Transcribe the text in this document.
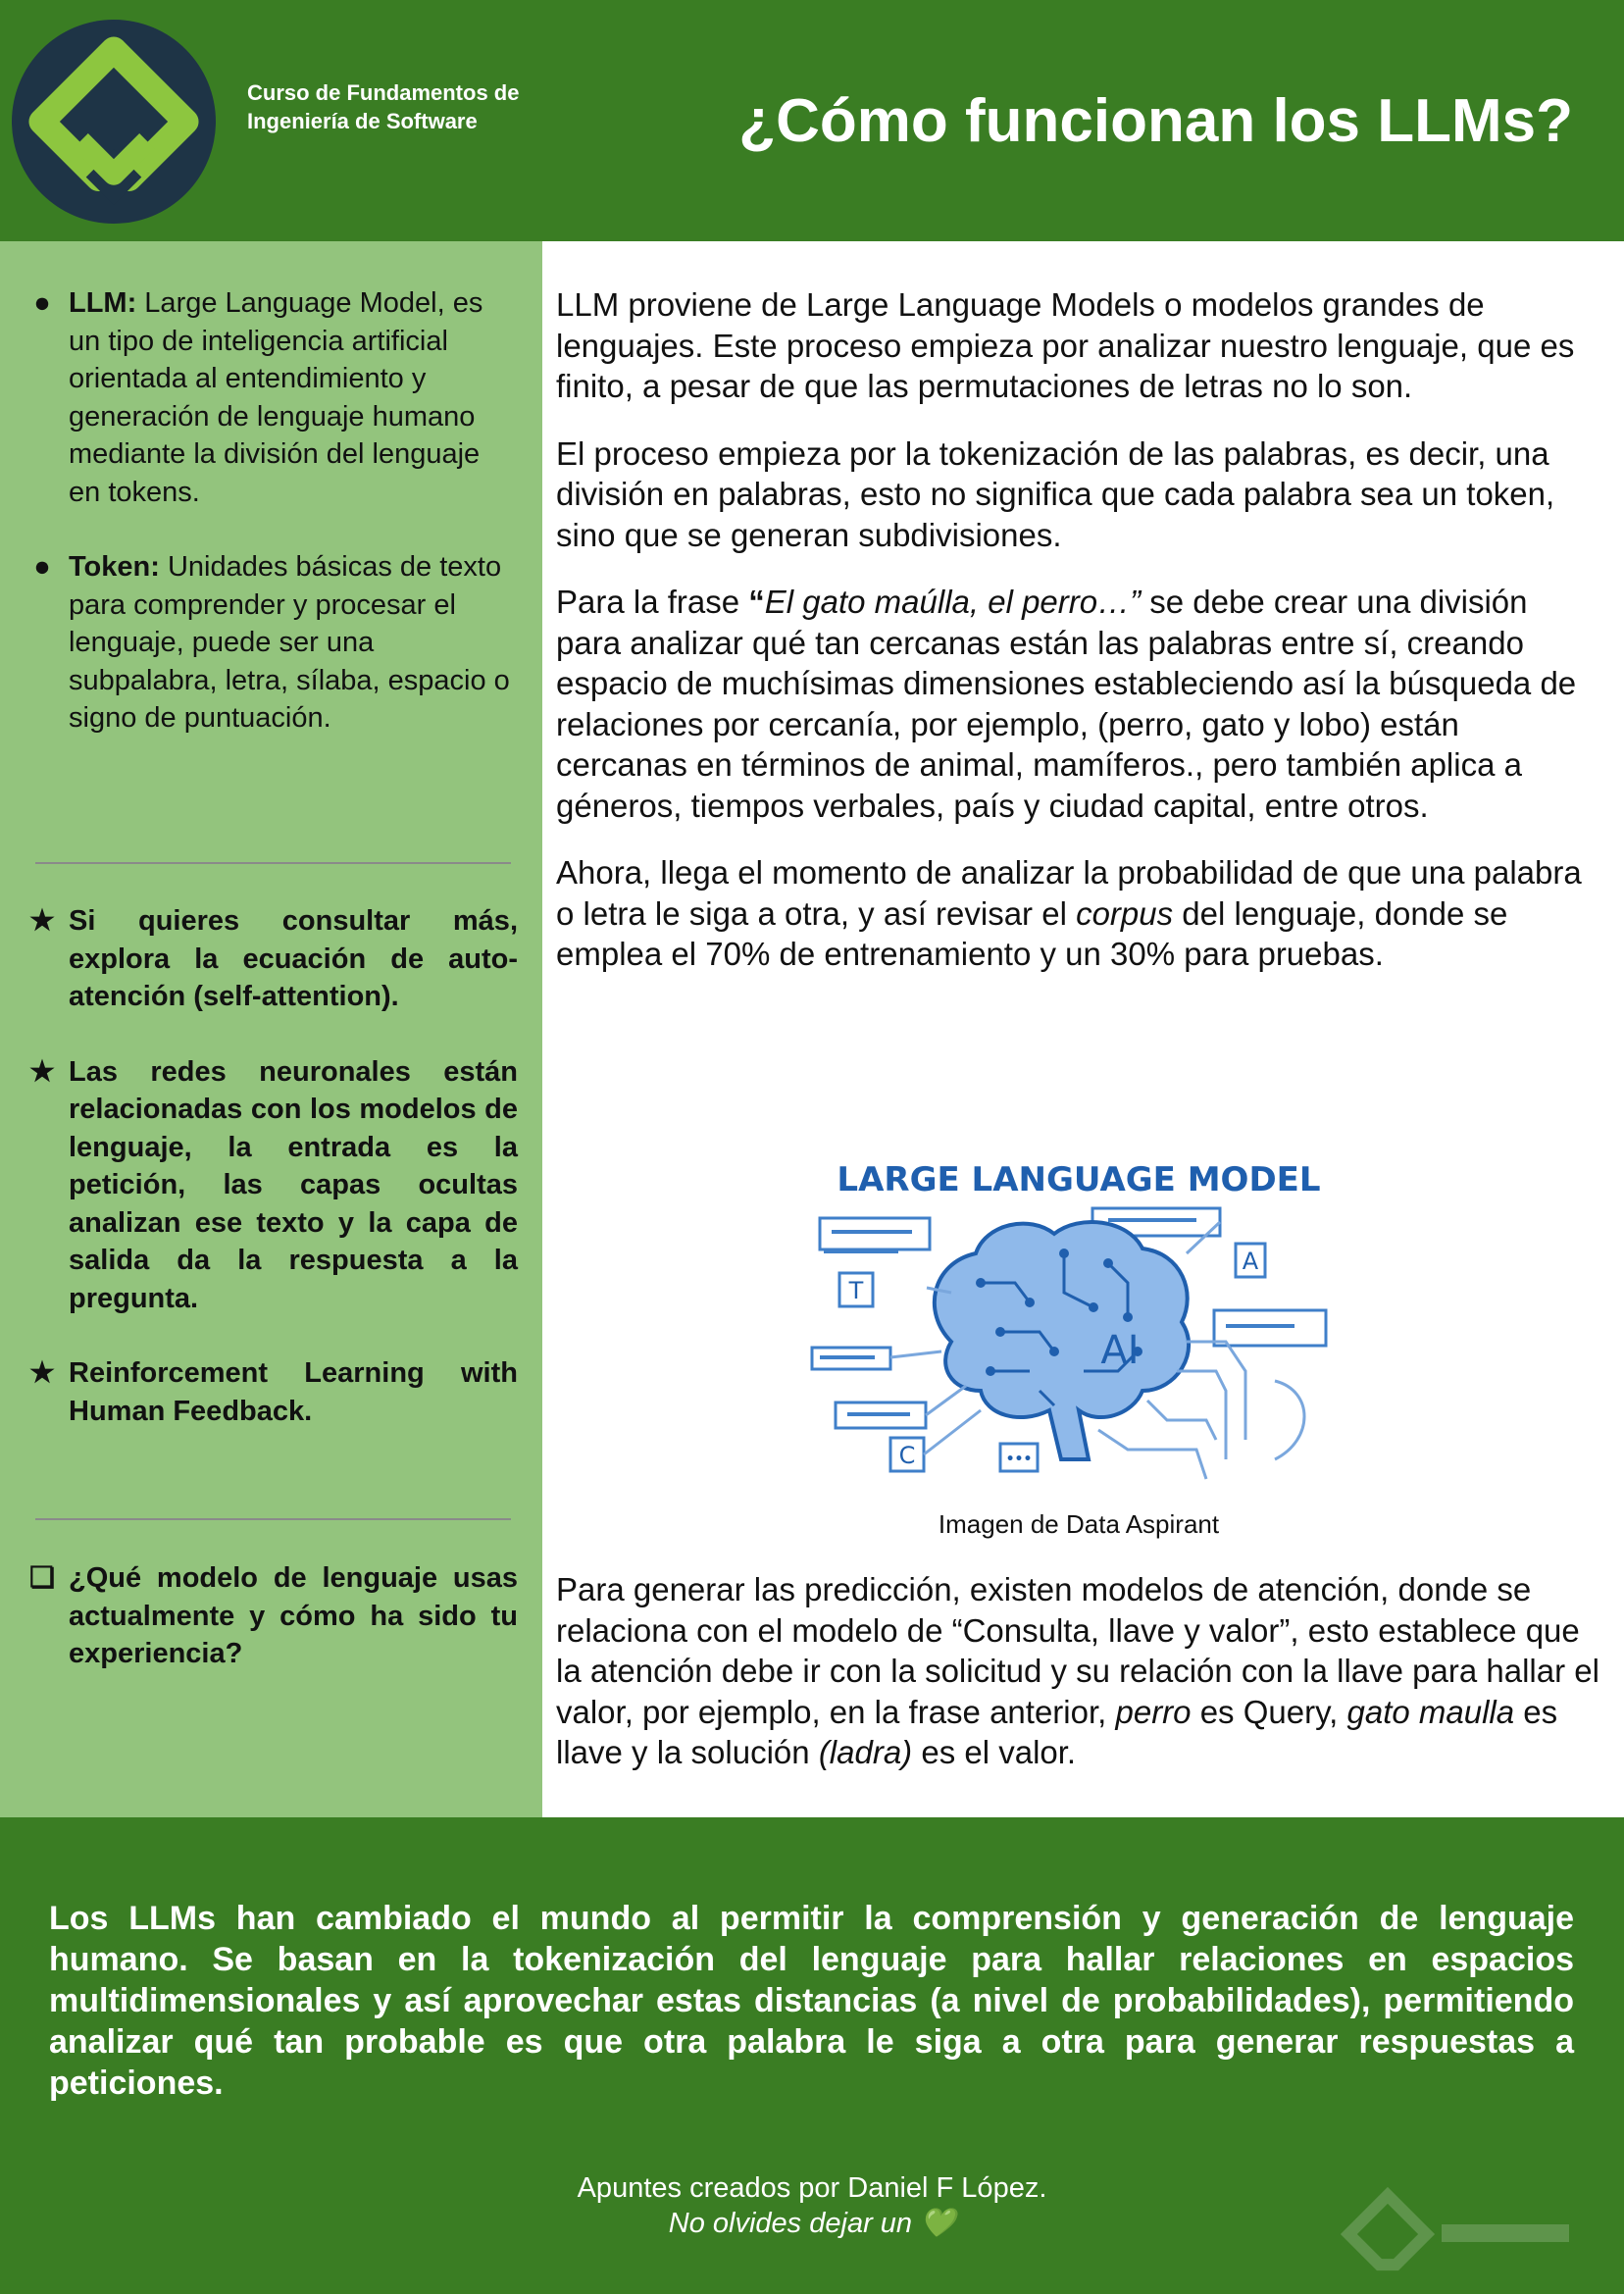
Curso de Fundamentos de Ingeniería de Software	¿Cómo funcionan los LLMs?
● LLM: Large Language Model, es un tipo de inteligencia artificial orientada al entendimiento y generación de lenguaje humano mediante la división del lenguaje en tokens.
● Token: Unidades básicas de texto para comprender y procesar el lenguaje, puede ser una subpalabra, letra, sílaba, espacio o signo de puntuación.
★ Si quieres consultar más, explora la ecuación de auto-atención (self-attention).
★ Las redes neuronales están relacionadas con los modelos de lenguaje, la entrada es la petición, las capas ocultas analizan ese texto y la capa de salida da la respuesta a la pregunta.
★ Reinforcement Learning with Human Feedback.
❏ ¿Qué modelo de lenguaje usas actualmente y cómo ha sido tu experiencia?

LLM proviene de Large Language Models o modelos grandes de lenguajes. Este proceso empieza por analizar nuestro lenguaje, que es finito, a pesar de que las permutaciones de letras no lo son.

El proceso empieza por la tokenización de las palabras, es decir, una división en palabras, esto no significa que cada palabra sea un token, sino que se generan subdivisiones.

Para la frase “El gato maúlla, el perro…” se debe crear una división para analizar qué tan cercanas están las palabras entre sí, creando espacio de muchísimas dimensiones estableciendo así la búsqueda de relaciones por cercanía, por ejemplo, (perro, gato y lobo) están cercanas en términos de animal, mamíferos., pero también aplica a géneros, tiempos verbales, país y ciudad capital, entre otros.

Ahora, llega el momento de analizar la probabilidad de que una palabra o letra le siga a otra, y así revisar el corpus del lenguaje, donde se emplea el 70% de entrenamiento y un 30% para pruebas.

LARGE LANGUAGE MODEL
T
A
C	•••
AI
Imagen de Data Aspirant

Para generar las predicción, existen modelos de atención, donde se relaciona con el modelo de “Consulta, llave y valor”, esto establece que la atención debe ir con la solicitud y su relación con la llave para hallar el valor, por ejemplo, en la frase anterior, perro es Query, gato maulla es llave y la solución (ladra) es el valor.

Los LLMs han cambiado el mundo al permitir la comprensión y generación de lenguaje humano. Se basan en la tokenización del lenguaje para hallar relaciones en espacios multidimensionales y así aprovechar estas distancias (a nivel de probabilidades), permitiendo analizar qué tan probable es que otra palabra le siga a otra para generar respuestas a peticiones.
Apuntes creados por Daniel F López.
No olvides dejar un 💚
